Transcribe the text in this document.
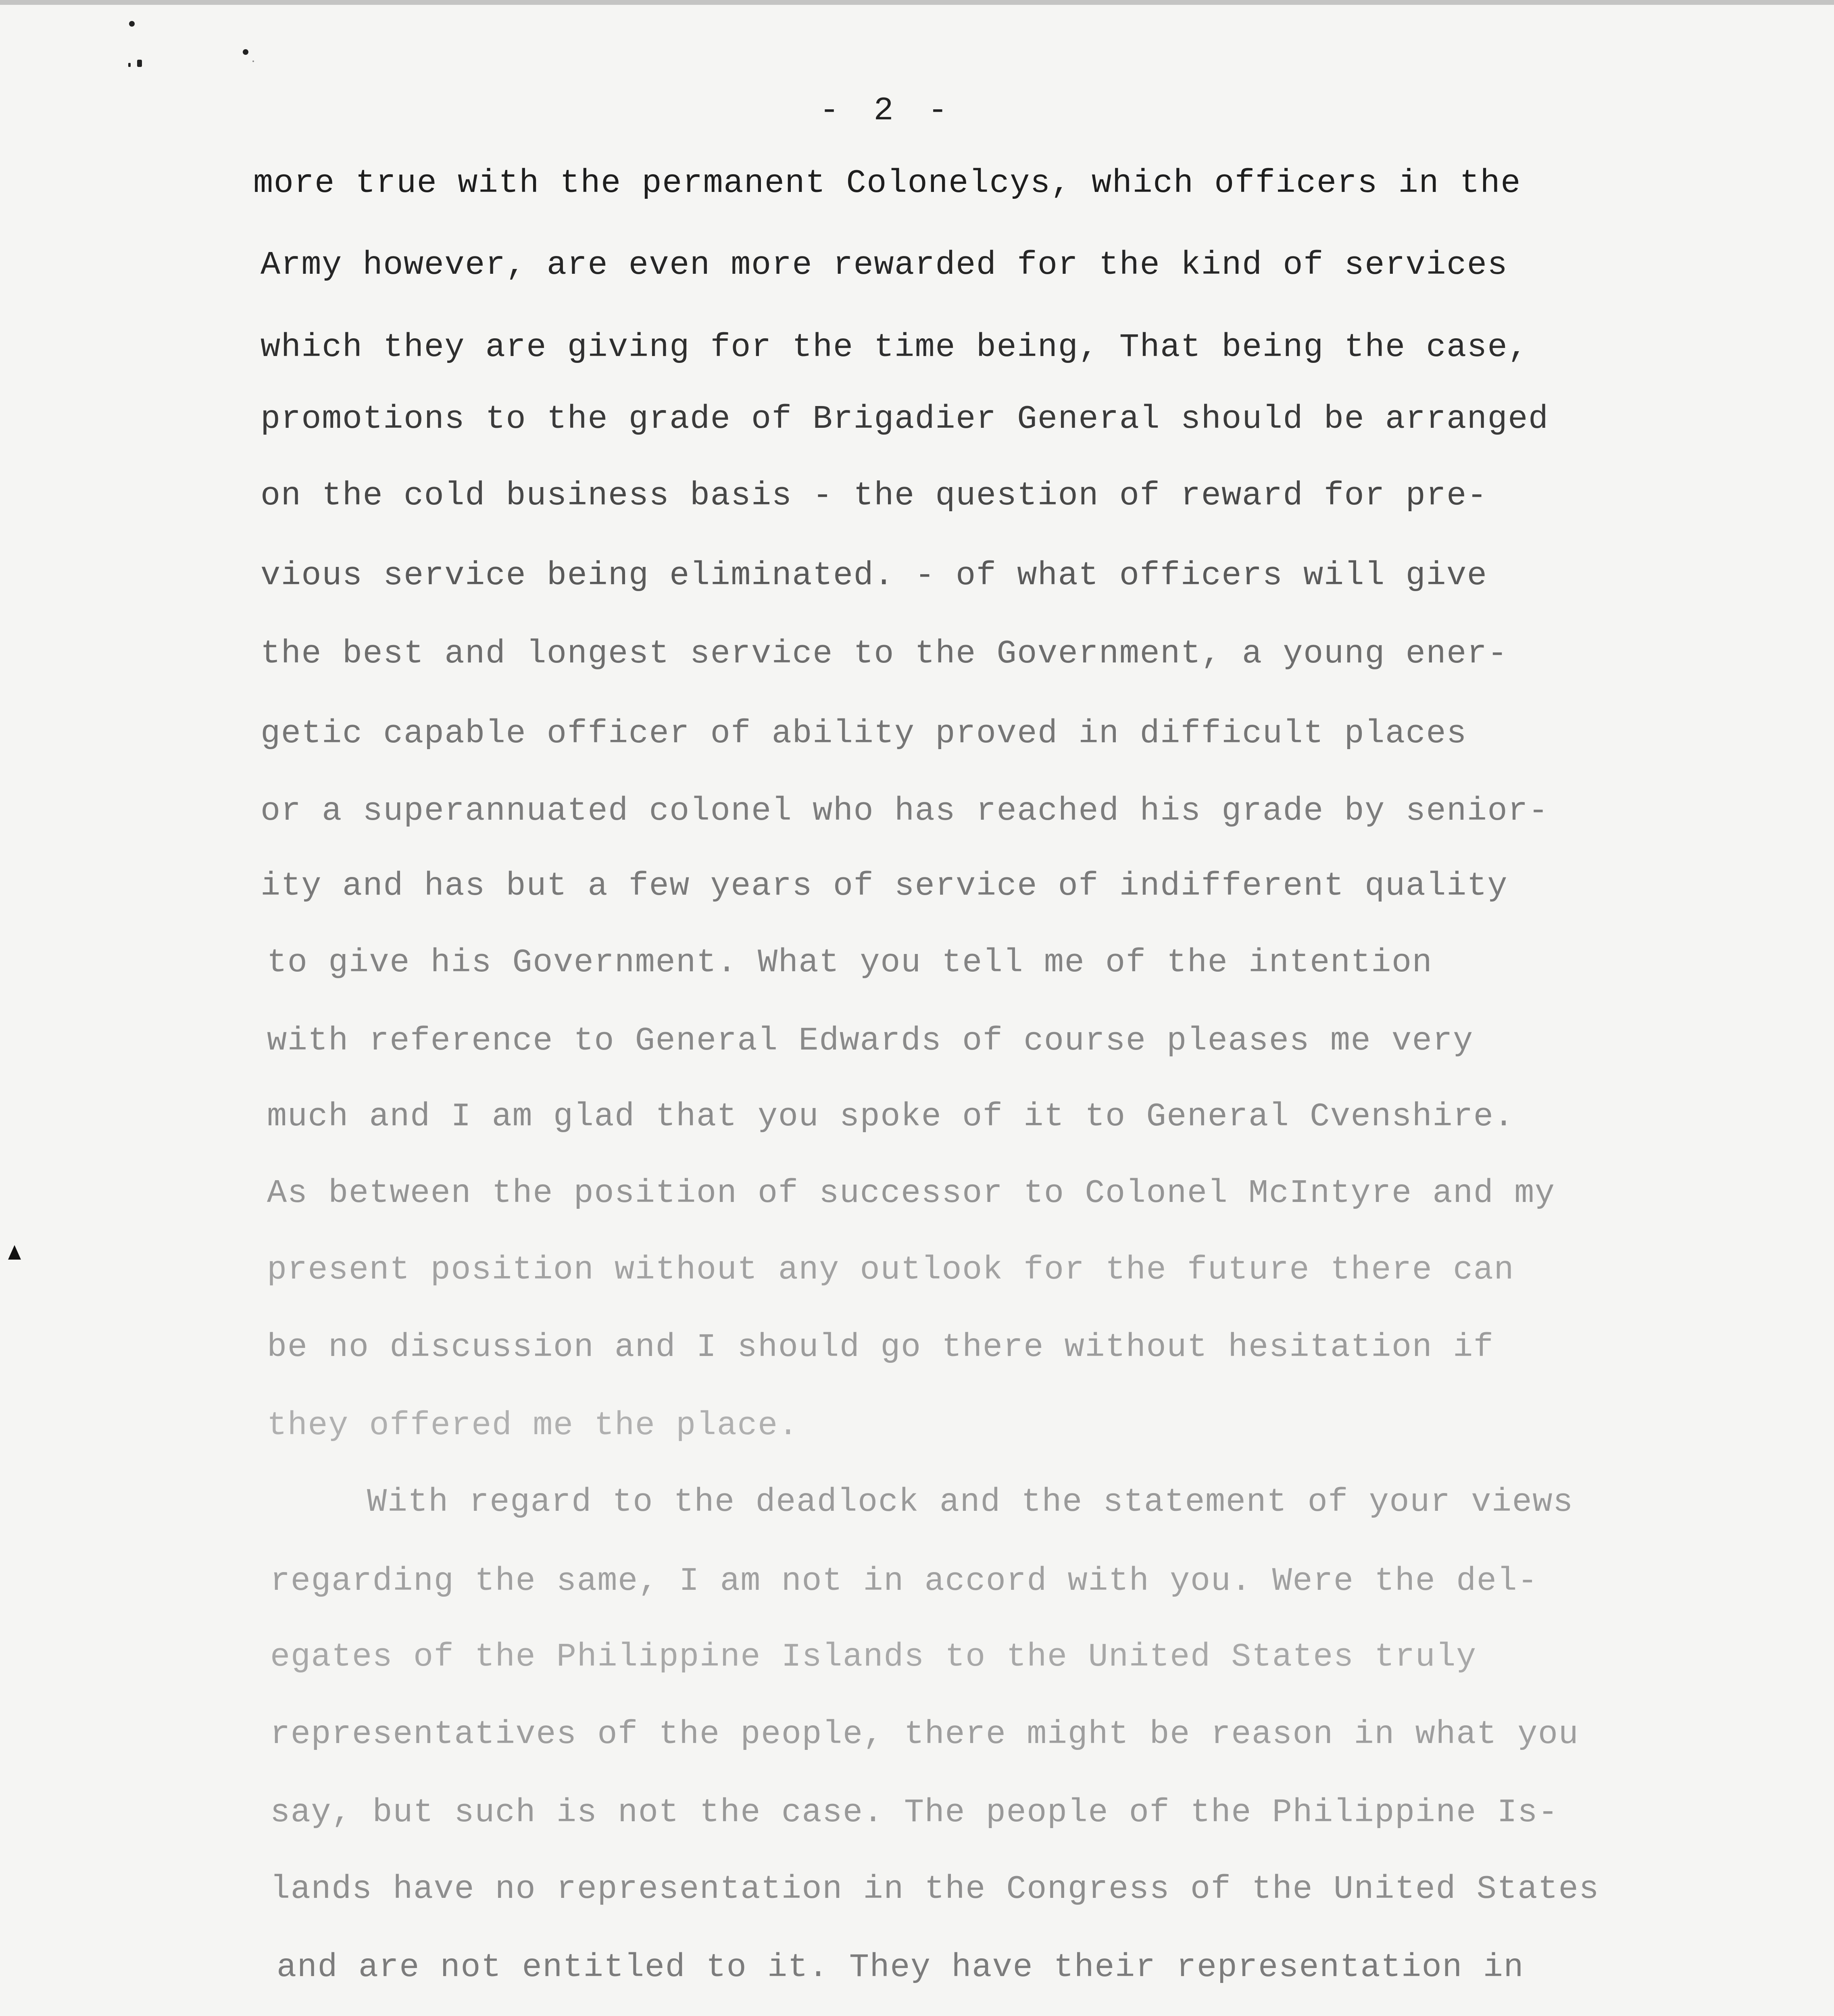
- 2 -
more true with the permanent Colonelcys, which officers in the
Army however, are even more rewarded for the kind of services
which they are giving for the time being, That being the case,
promotions to the grade of Brigadier General should be arranged
on the cold business basis - the question of reward for pre-
vious service being eliminated. - of what officers will give
the best and longest service to the Government, a young ener-
getic capable officer of ability proved in difficult places
or a superannuated colonel who has reached his grade by senior-
ity and has but a few years of service of indifferent quality
to give his Government. What you tell me of the intention
with reference to General Edwards of course pleases me very
much and I am glad that you spoke of it to General Cvenshire.
As between the position of successor to Colonel McIntyre and my
present position without any outlook for the future there can
be no discussion and I should go there without hesitation if
they offered me the place.
With regard to the deadlock and the statement of your views
regarding the same, I am not in accord with you. Were the del-
egates of the Philippine Islands to the United States truly
representatives of the people, there might be reason in what you
say, but such is not the case. The people of the Philippine Is-
lands have no representation in the Congress of the United States
and are not entitled to it. They have their representation in
